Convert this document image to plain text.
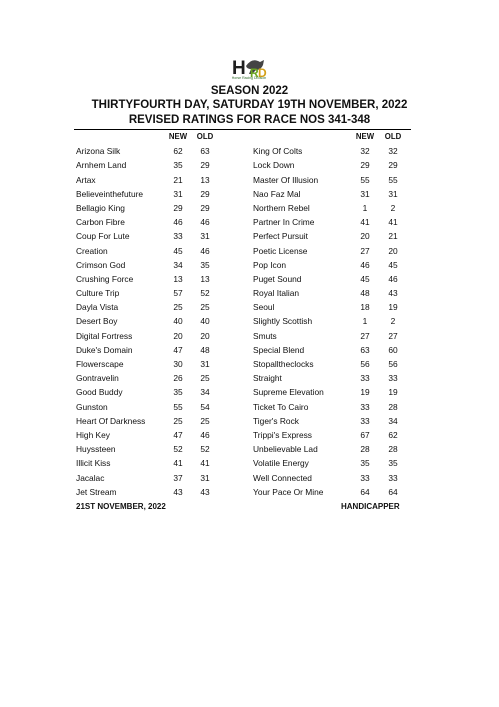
H R D
Horse Racing Division
SEASON 2022
THIRTYFOURTH DAY, SATURDAY 19TH NOVEMBER, 2022
REVISED RATINGS FOR RACE NOS 341-348
NEW	OLD	NEW	OLD
Arizona Silk	62	63	King Of Colts	32	32
Arnhem Land	35	29	Lock Down	29	29
Artax	21	13	Master Of Illusion	55	55
Believeinthefuture	31	29	Nao Faz Mal	31	31
Bellagio King	29	29	Northern Rebel	1	2
Carbon Fibre	46	46	Partner In Crime	41	41
Coup For Lute	33	31	Perfect Pursuit	20	21
Creation	45	46	Poetic License	27	20
Crimson God	34	35	Pop Icon	46	45
Crushing Force	13	13	Puget Sound	45	46
Culture Trip	57	52	Royal Italian	48	43
Dayla Vista	25	25	Seoul	18	19
Desert Boy	40	40	Slightly Scottish	1	2
Digital Fortress	20	20	Smuts	27	27
Duke's Domain	47	48	Special Blend	63	60
Flowerscape	30	31	Stopalltheclocks	56	56
Gontravelin	26	25	Straight	33	33
Good Buddy	35	34	Supreme Elevation	19	19
Gunston	55	54	Ticket To Cairo	33	28
Heart Of Darkness	25	25	Tiger's Rock	33	34
High Key	47	46	Trippi's Express	67	62
Huyssteen	52	52	Unbelievable Lad	28	28
Illicit Kiss	41	41	Volatile Energy	35	35
Jacalac	37	31	Well Connected	33	33
Jet Stream	43	43	Your Pace Or Mine	64	64
21ST NOVEMBER, 2022	HANDICAPPER
